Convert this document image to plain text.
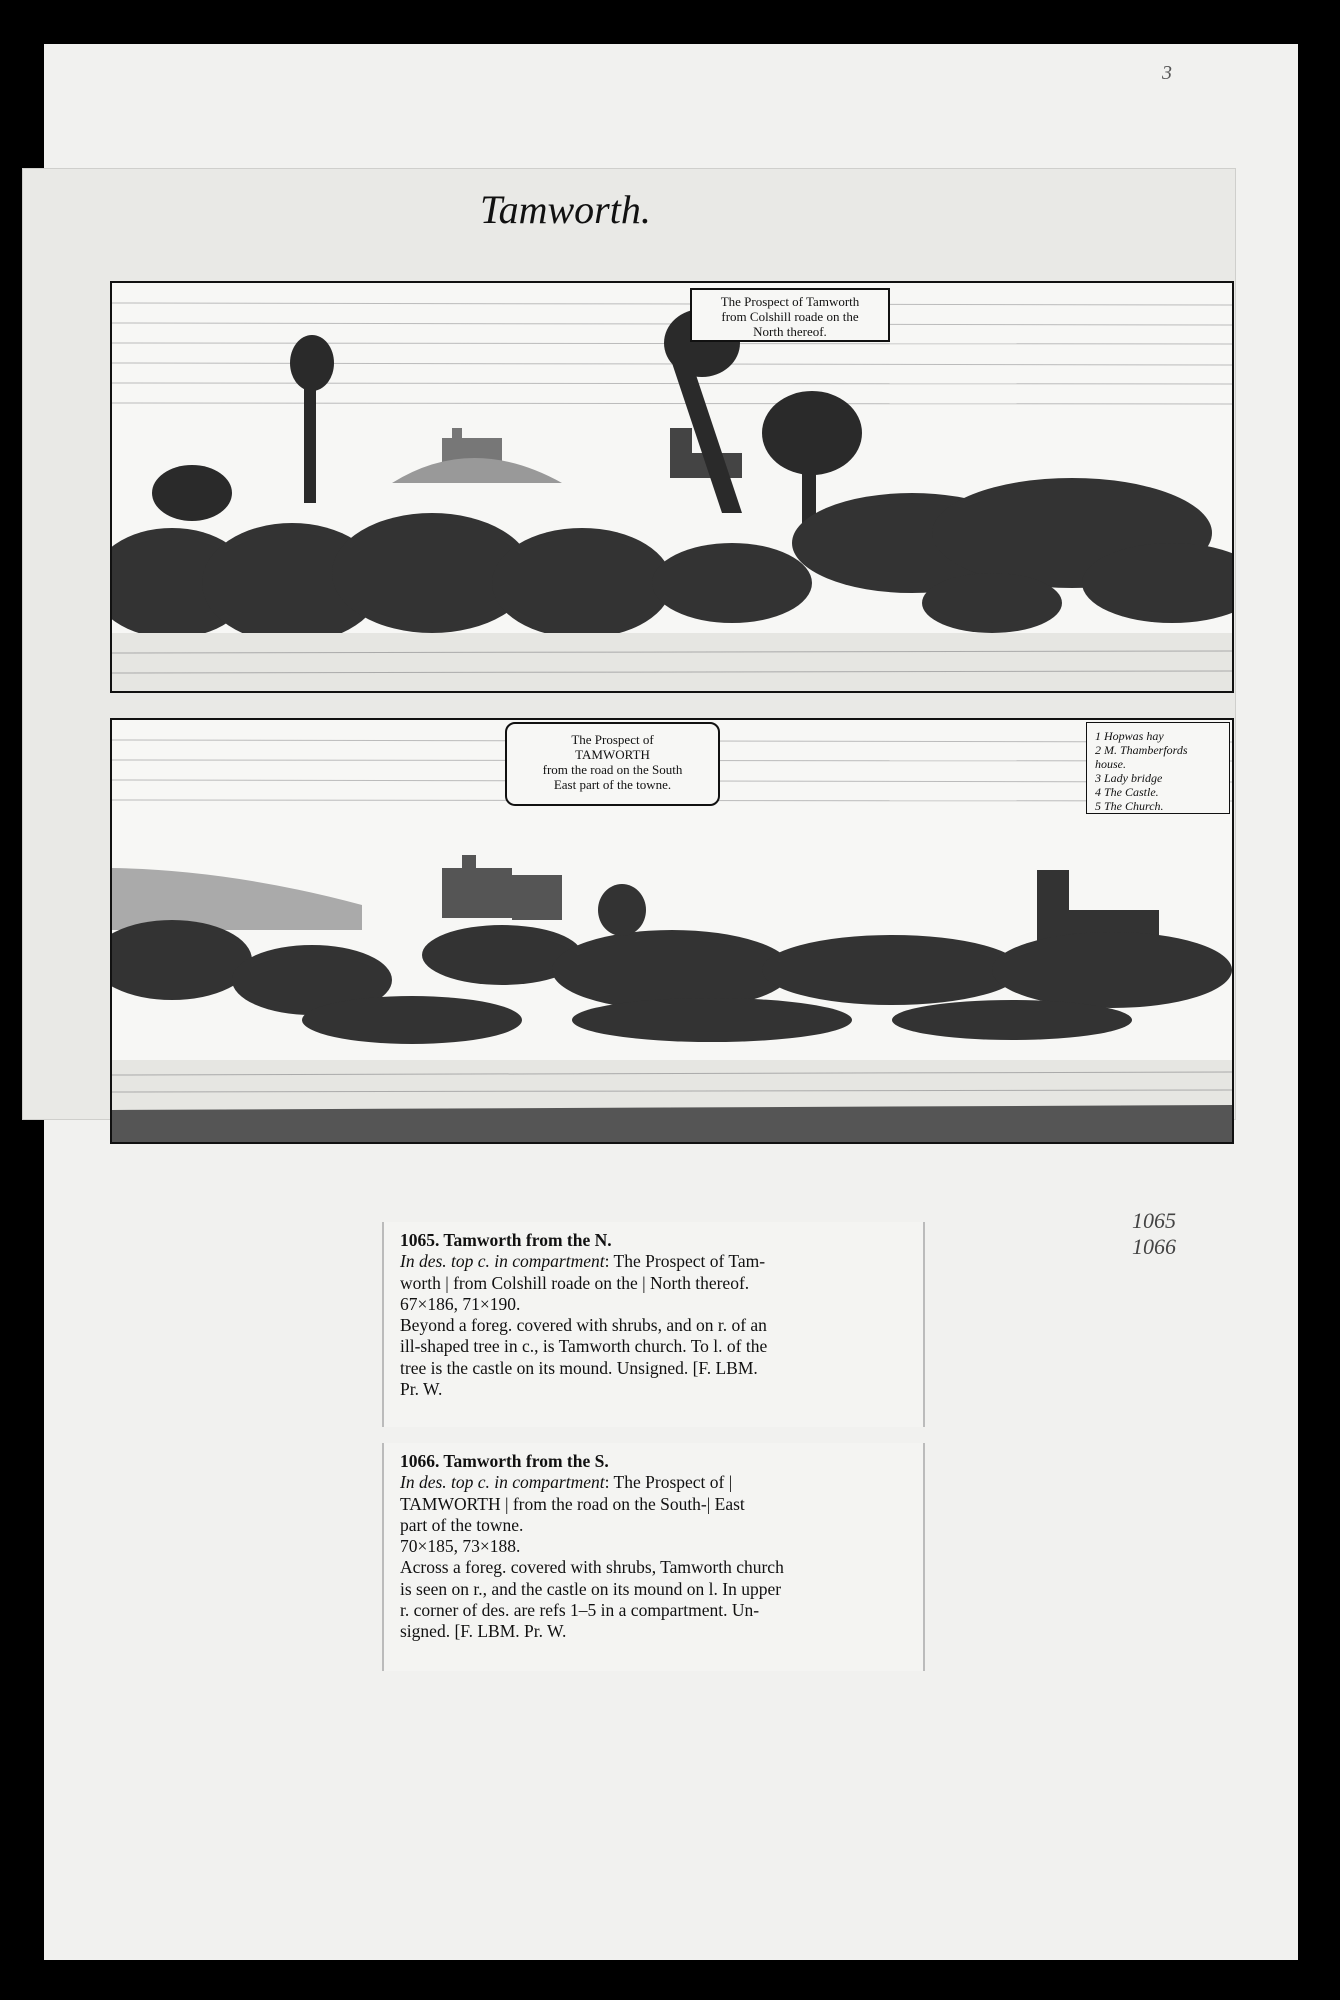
3
Tamworth.
The Prospect of Tamworth
from Colshill roade on the
North thereof.
The Prospect of
TAMWORTH
from the road on the South
East part of the towne.
1 Hopwas hay
2 M. Thamberfords house.
3 Lady bridge
4 The Castle.
5 The Church.
1065
1066
1065. Tamworth from the N.
In des. top c. in compartment: The Prospect of Tam-
worth | from Colshill roade on the | North thereof.
67×186, 71×190.
Beyond a foreg. covered with shrubs, and on r. of an
ill-shaped tree in c., is Tamworth church. To l. of the
tree is the castle on its mound. Unsigned. [F. LBM.
Pr. W.
1066. Tamworth from the S.
In des. top c. in compartment: The Prospect of |
TAMWORTH | from the road on the South-| East
part of the towne.
70×185, 73×188.
Across a foreg. covered with shrubs, Tamworth church
is seen on r., and the castle on its mound on l. In upper
r. corner of des. are refs 1–5 in a compartment. Un-
signed. [F. LBM. Pr. W.
